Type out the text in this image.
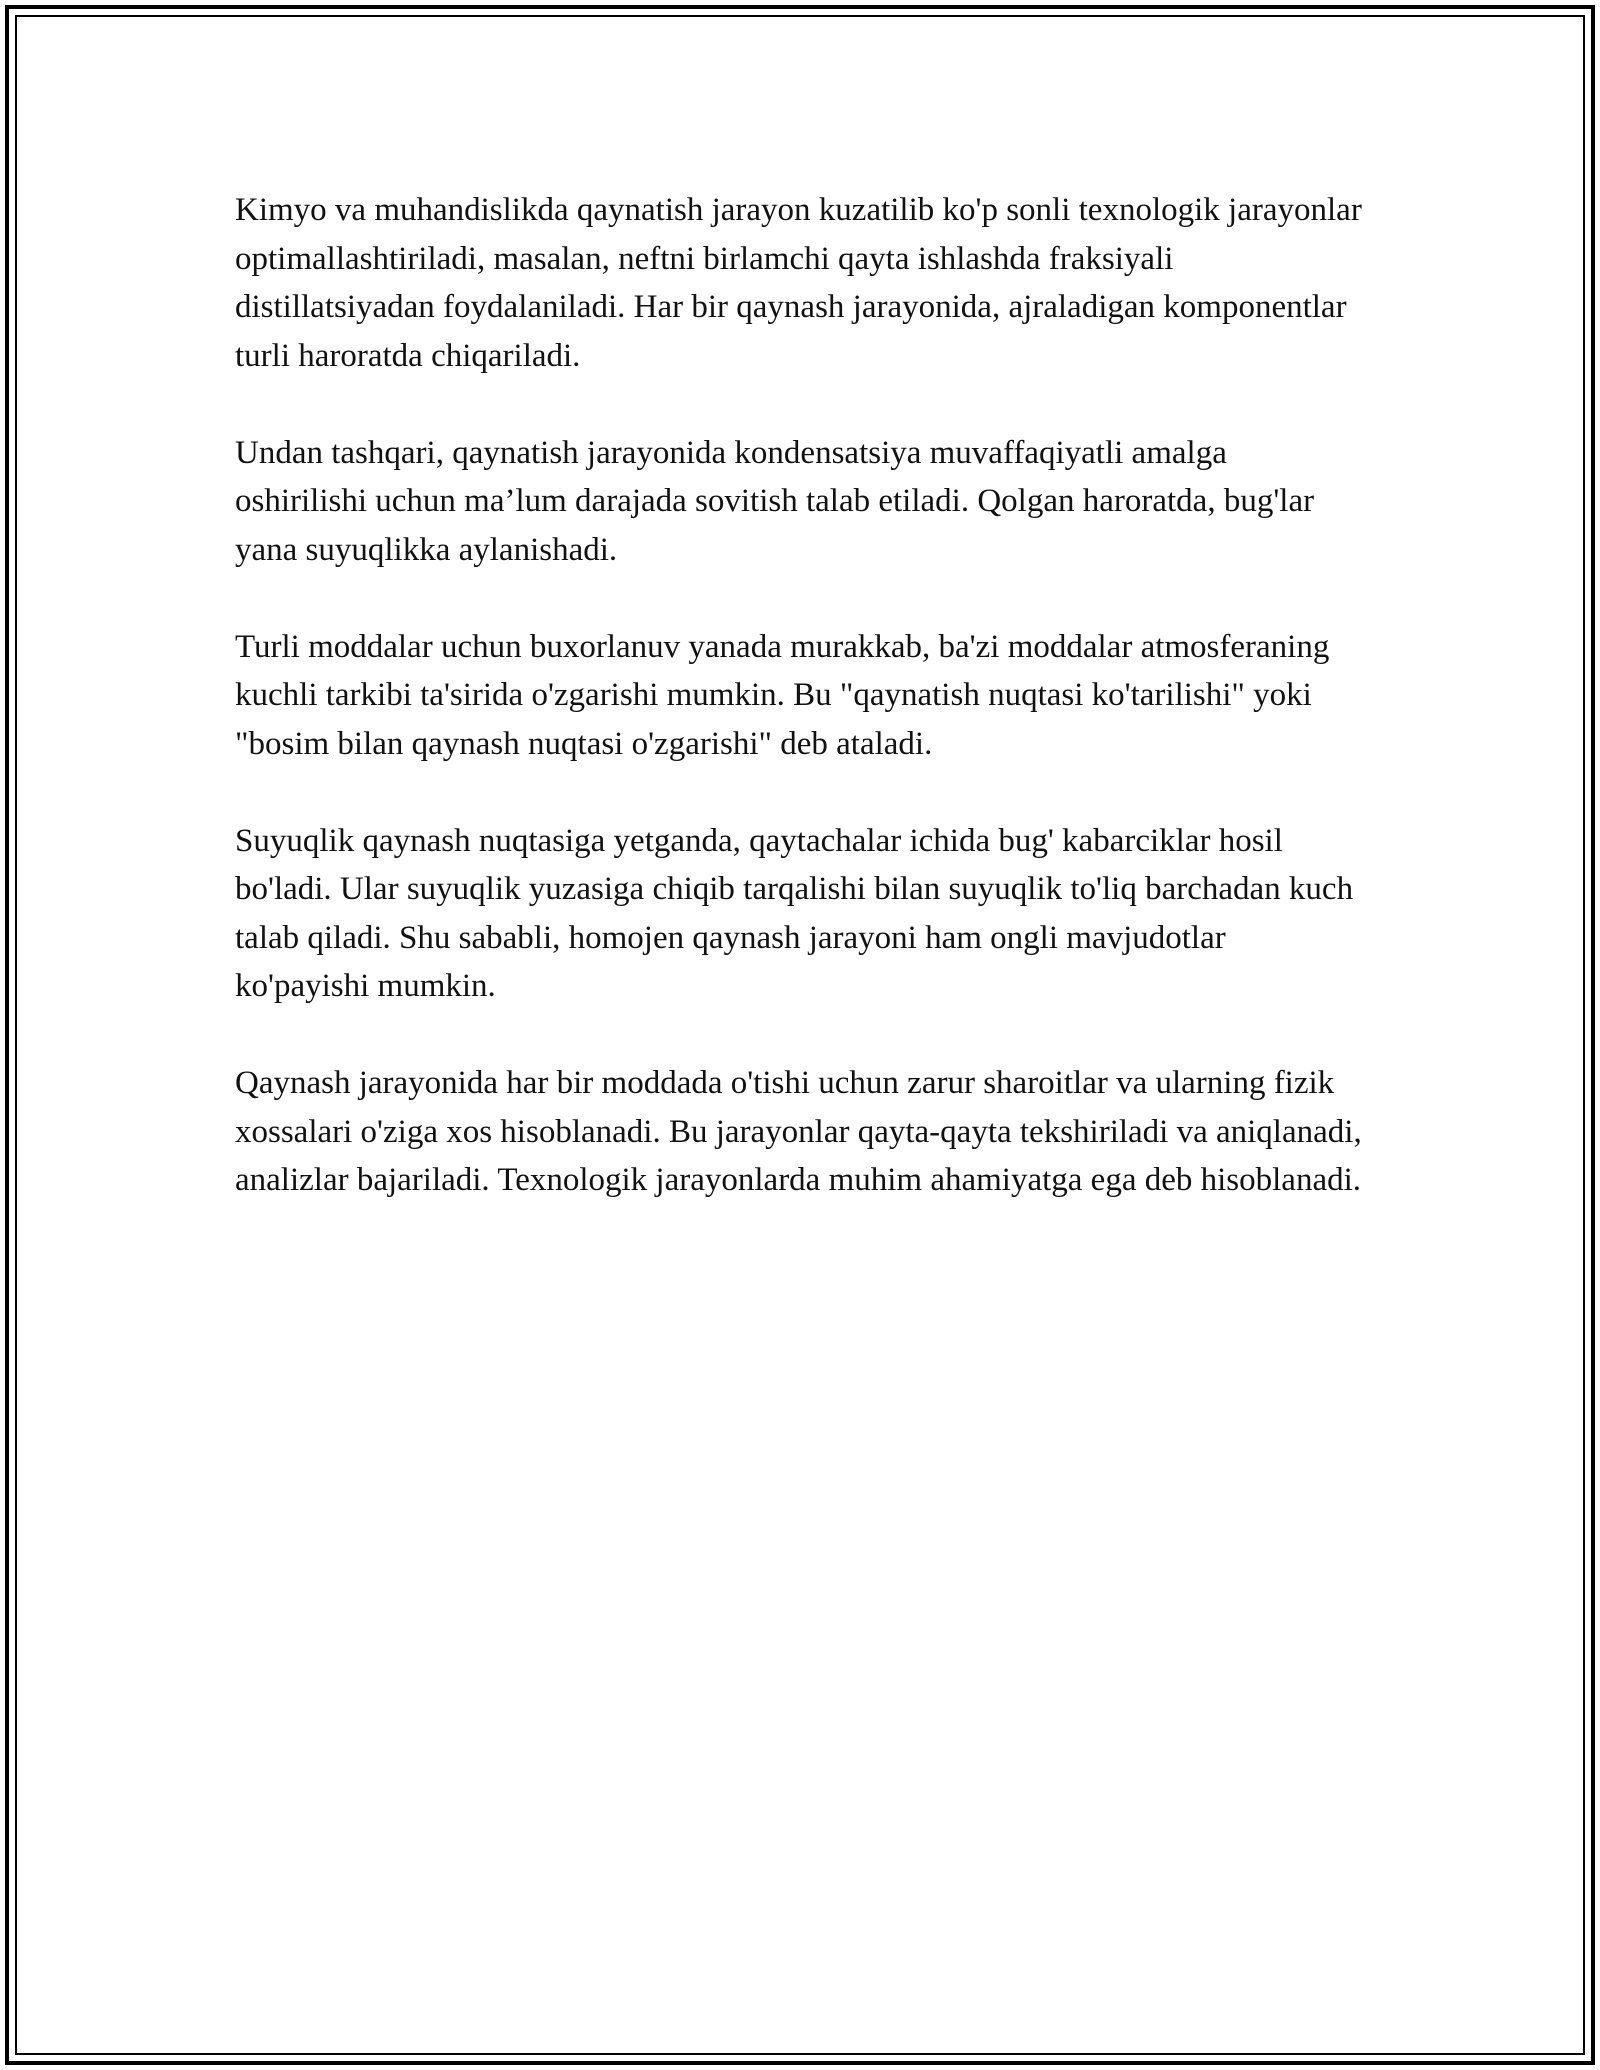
Kimyo va muhandislikda qaynatish jarayon kuzatilib ko'p sonli texnologik jarayonlar optimallashtiriladi, masalan, neftni birlamchi qayta ishlashda fraksiyali distillatsiyadan foydalaniladi. Har bir qaynash jarayonida, ajraladigan komponentlar turli haroratda chiqariladi.

Undan tashqari, qaynatish jarayonida kondensatsiya muvaffaqiyatli amalga oshirilishi uchun ma’lum darajada sovitish talab etiladi. Qolgan haroratda, bug'lar yana suyuqlikka aylanishadi.

Turli moddalar uchun buxorlanuv yanada murakkab, ba'zi moddalar atmosferaning kuchli tarkibi ta'sirida o'zgarishi mumkin. Bu "qaynatish nuqtasi ko'tarilishi" yoki "bosim bilan qaynash nuqtasi o'zgarishi" deb ataladi.

Suyuqlik qaynash nuqtasiga yetganda, qaytachalar ichida bug' kabarciklar hosil bo'ladi. Ular suyuqlik yuzasiga chiqib tarqalishi bilan suyuqlik to'liq barchadan kuch talab qiladi. Shu sababli, homojen qaynash jarayoni ham ongli mavjudotlar ko'payishi mumkin.

Qaynash jarayonida har bir moddada o'tishi uchun zarur sharoitlar va ularning fizik xossalari o'ziga xos hisoblanadi. Bu jarayonlar qayta-qayta tekshiriladi va aniqlanadi, analizlar bajariladi. Texnologik jarayonlarda muhim ahamiyatga ega deb hisoblanadi.
